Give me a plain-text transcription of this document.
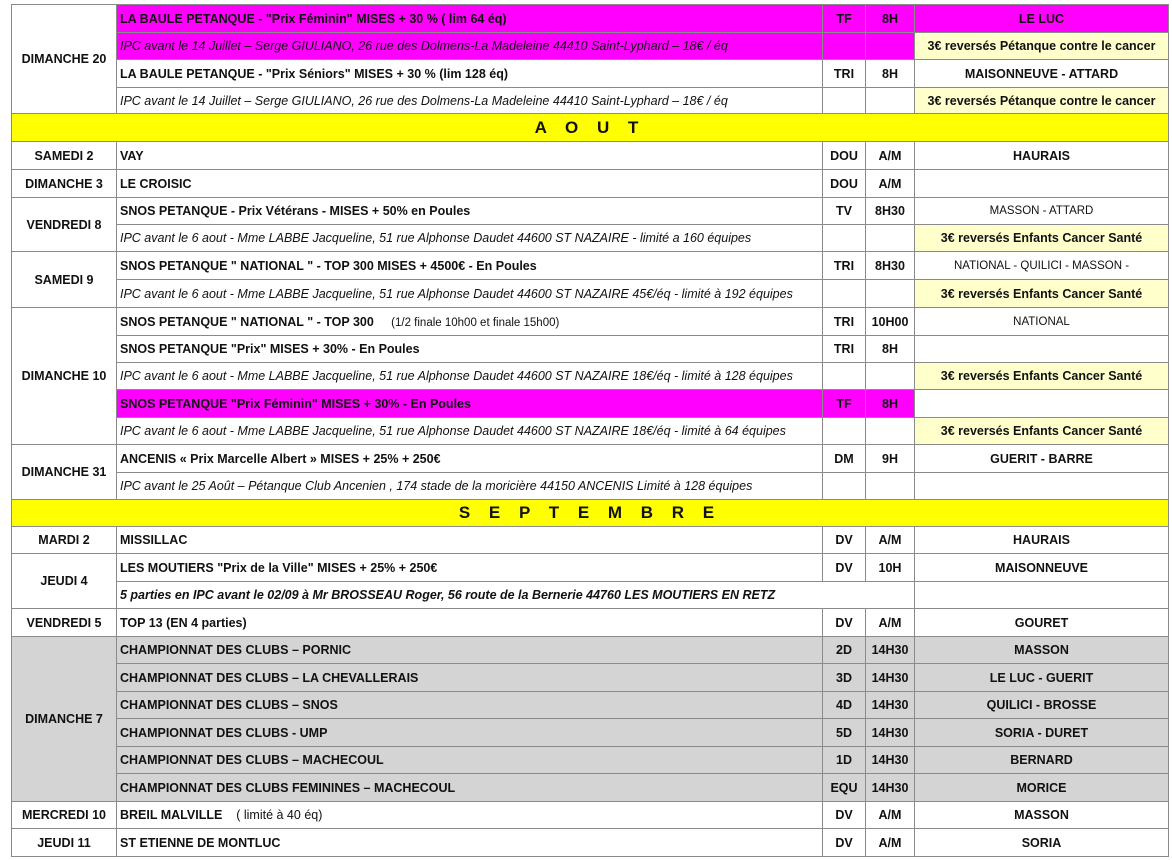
DIMANCHE 20	LA BAULE PETANQUE - "Prix Féminin" MISES + 30 % ( lim 64 éq)	TF	8H	LE LUC
	IPC avant le 14 Juillet – Serge GIULIANO, 26 rue des Dolmens-La Madeleine 44410 Saint-Lyphard – 18€ / éq			3€ reversés Pétanque contre le cancer
	LA BAULE PETANQUE - "Prix Séniors" MISES + 30 % (lim 128 éq)	TRI	8H	MAISONNEUVE - ATTARD
	IPC avant le 14 Juillet – Serge GIULIANO, 26 rue des Dolmens-La Madeleine 44410 Saint-Lyphard – 18€ / éq			3€ reversés Pétanque contre le cancer
A O U T				
SAMEDI 2	VAY	DOU	A/M	HAURAIS
DIMANCHE 3	LE CROISIC	DOU	A/M	
VENDREDI 8	SNOS PETANQUE - Prix Vétérans - MISES + 50% en Poules	TV	8H30	MASSON - ATTARD
	IPC avant le 6 aout - Mme LABBE Jacqueline, 51 rue Alphonse Daudet 44600 ST NAZAIRE - limité a 160 équipes			3€ reversés Enfants Cancer Santé
SAMEDI 9	SNOS PETANQUE " NATIONAL " - TOP 300 MISES + 4500€ - En Poules	TRI	8H30	NATIONAL - QUILICI - MASSON -
	IPC avant le 6 aout - Mme LABBE Jacqueline, 51 rue Alphonse Daudet 44600 ST NAZAIRE 45€/éq - limité à 192 équipes			3€ reversés Enfants Cancer Santé
DIMANCHE 10	SNOS PETANQUE " NATIONAL " - TOP 300 (1/2 finale 10h00 et finale 15h00)	TRI	10H00	NATIONAL
	SNOS PETANQUE "Prix" MISES + 30% - En Poules	TRI	8H	
	IPC avant le 6 aout - Mme LABBE Jacqueline, 51 rue Alphonse Daudet 44600 ST NAZAIRE 18€/éq - limité à 128 équipes			3€ reversés Enfants Cancer Santé
	SNOS PETANQUE "Prix Féminin" MISES + 30% - En Poules	TF	8H	
	IPC avant le 6 aout - Mme LABBE Jacqueline, 51 rue Alphonse Daudet 44600 ST NAZAIRE 18€/éq - limité à 64 équipes			3€ reversés Enfants Cancer Santé
DIMANCHE 31	ANCENIS « Prix Marcelle Albert » MISES + 25% + 250€	DM	9H	GUERIT - BARRE
	IPC avant le 25 Août – Pétanque Club Ancenien , 174 stade de la moricière 44150 ANCENIS Limité à 128 équipes			
S E P T E M B R E				
MARDI 2	MISSILLAC	DV	A/M	HAURAIS
JEUDI 4	LES MOUTIERS "Prix de la Ville" MISES + 25% + 250€	DV	10H	MAISONNEUVE
	5 parties en IPC avant le 02/09 à Mr BROSSEAU Roger, 56 route de la Bernerie 44760 LES MOUTIERS EN RETZ			
VENDREDI 5	TOP 13 (EN 4 parties)	DV	A/M	GOURET
DIMANCHE 7	CHAMPIONNAT DES CLUBS – PORNIC	2D	14H30	MASSON
	CHAMPIONNAT DES CLUBS – LA CHEVALLERAIS	3D	14H30	LE LUC - GUERIT
	CHAMPIONNAT DES CLUBS – SNOS	4D	14H30	QUILICI - BROSSE
	CHAMPIONNAT DES CLUBS - UMP	5D	14H30	SORIA - DURET
	CHAMPIONNAT DES CLUBS – MACHECOUL	1D	14H30	BERNARD
	CHAMPIONNAT DES CLUBS FEMININES – MACHECOUL	EQU	14H30	MORICE
MERCREDI 10	BREIL MALVILLE ( limité à 40 éq)	DV	A/M	MASSON
JEUDI 11	ST ETIENNE DE MONTLUC	DV	A/M	SORIA
